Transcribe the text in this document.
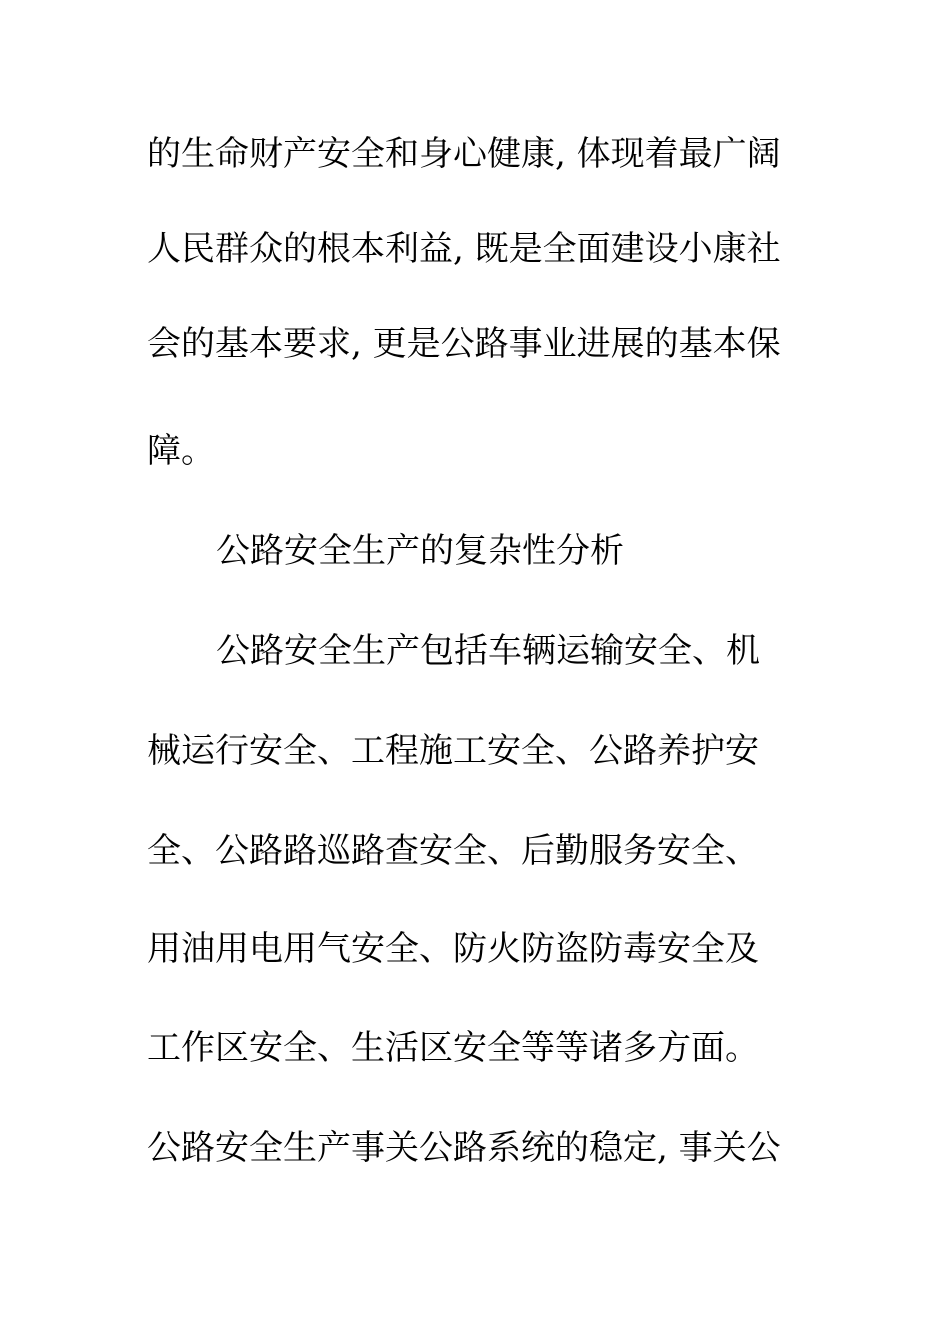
的生命财产安全和身心健康, 体现着最广阔
人民群众的根本利益, 既是全面建设小康社
会的基本要求, 更是公路事业进展的基本保
障。
公路安全生产的复杂性分析
公路安全生产包括车辆运输安全、机
械运行安全、工程施工安全、公路养护安
全、公路路巡路查安全、后勤服务安全、
用油用电用气安全、防火防盗防毒安全及
工作区安全、生活区安全等等诸多方面。
公路安全生产事关公路系统的稳定, 事关公
